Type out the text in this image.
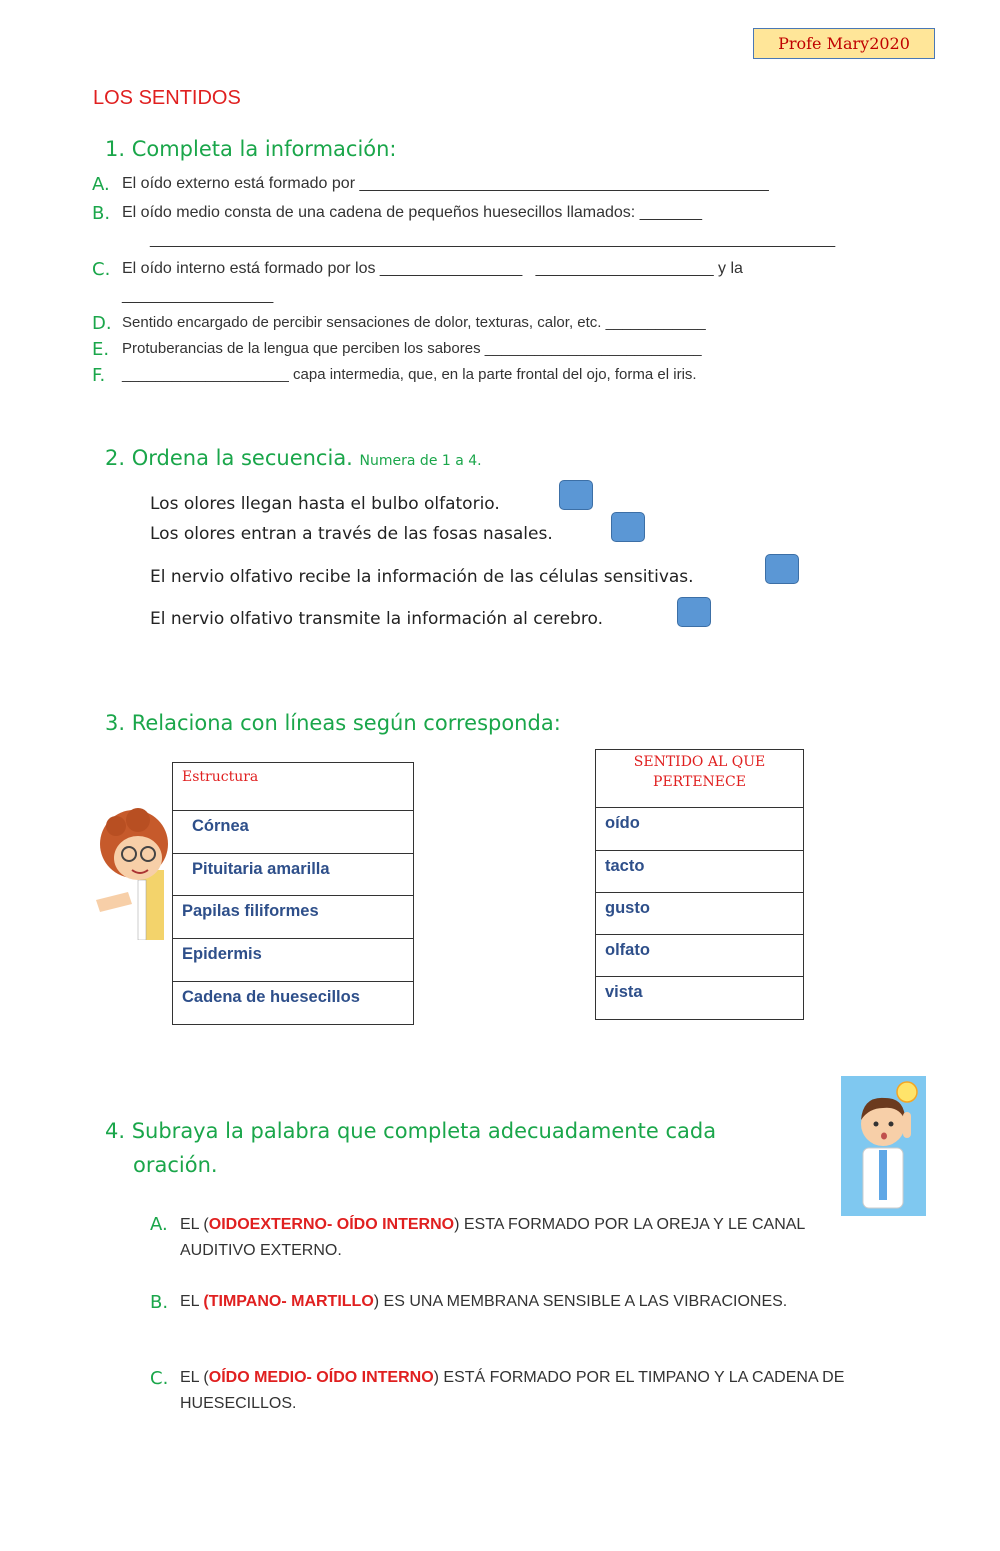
Profe Mary2020
LOS SENTIDOS
1. Completa la información:
A. El oído externo está formado por ______________________________________________
B. El oído medio consta de una cadena de pequeños huesecillos llamados: _______
_____________________________________________________________________________
C. El oído interno está formado por los ________________   ____________________ y la
_________________
D. Sentido encargado de percibir sensaciones de dolor, texturas, calor, etc. ____________
E. Protuberancias de la lengua que perciben los sabores __________________________
F. ____________________ capa intermedia, que, en la parte frontal del ojo, forma el iris.
2. Ordena la secuencia. Numera de 1 a 4.
Los olores llegan hasta el bulbo olfatorio.
Los olores entran a través de las fosas nasales.
El nervio olfativo recibe la información de las células sensitivas.
El nervio olfativo transmite la información al cerebro.
3. Relaciona con líneas según corresponda:
Estructura
Córnea
Pituitaria amarilla
Papilas filiformes
Epidermis
Cadena de huesecillos
SENTIDO AL QUE PERTENECE
oído
tacto
gusto
olfato
vista
4. Subraya la palabra que completa adecuadamente cada
oración.
A. EL (OIDOEXTERNO- OÍDO INTERNO) ESTA FORMADO POR LA OREJA Y LE CANAL AUDITIVO EXTERNO.
B. EL (TIMPANO- MARTILLO) ES UNA MEMBRANA SENSIBLE A LAS VIBRACIONES.
C. EL (OÍDO MEDIO- OÍDO INTERNO) ESTÁ FORMADO POR EL TIMPANO Y LA CADENA DE HUESECILLOS.
